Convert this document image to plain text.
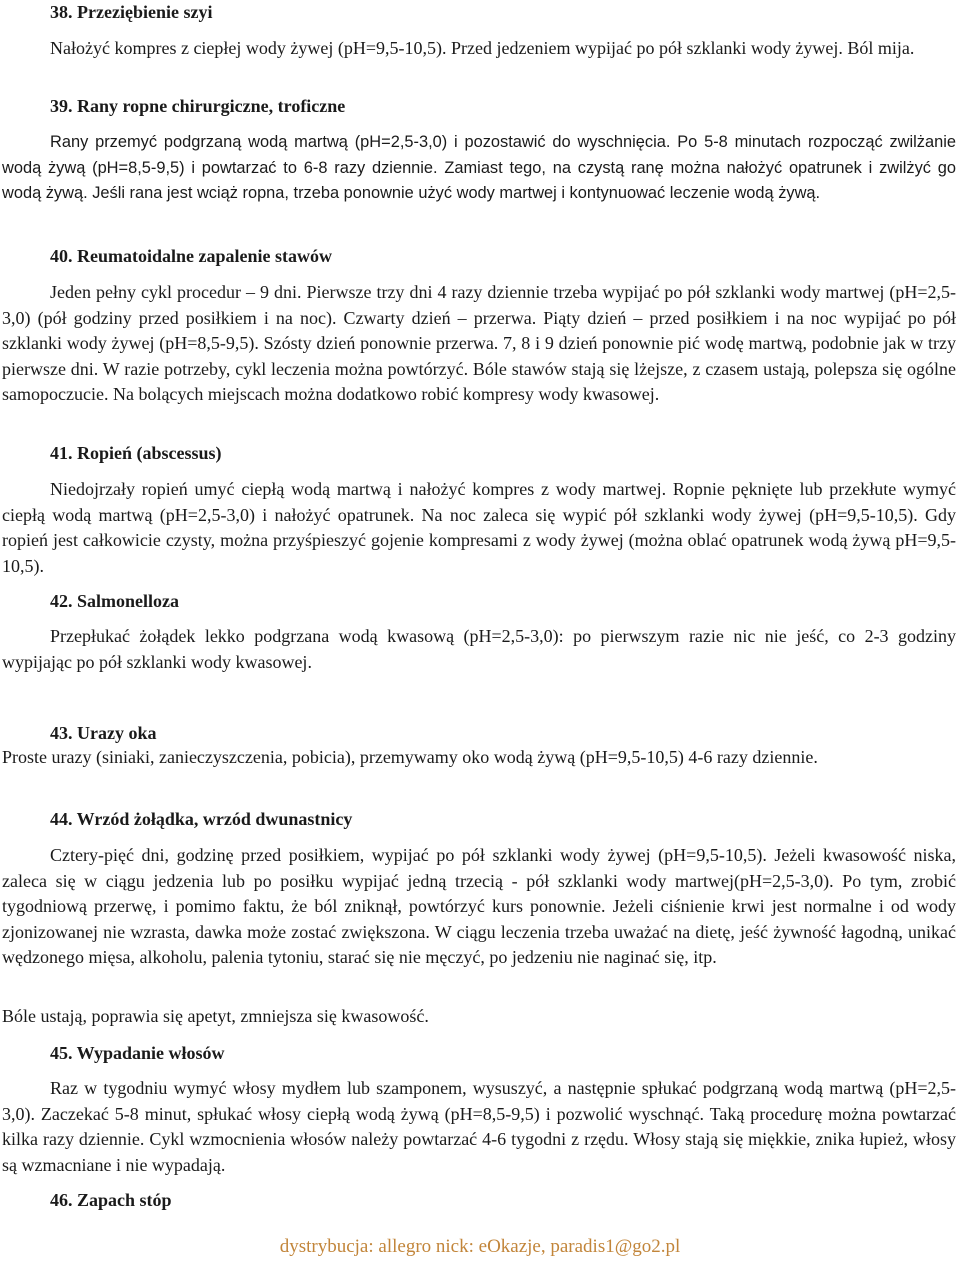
38. Przeziębienie szyi
Nałożyć kompres z ciepłej wody żywej (pH=9,5-10,5). Przed jedzeniem wypijać po pół szklanki wody żywej. Ból mija.
39. Rany ropne chirurgiczne, troficzne
Rany przemyć podgrzaną wodą martwą (pH=2,5-3,0) i pozostawić do wyschnięcia. Po 5-8 minutach rozpocząć zwilżanie wodą żywą (pH=8,5-9,5) i powtarzać to 6-8 razy dziennie. Zamiast tego, na czystą ranę można nałożyć opatrunek i zwilżyć go wodą żywą. Jeśli rana jest wciąż ropna, trzeba ponownie użyć wody martwej i kontynuować leczenie wodą żywą.
40. Reumatoidalne zapalenie stawów
Jeden pełny cykl procedur – 9 dni. Pierwsze trzy dni 4 razy dziennie trzeba wypijać po pół szklanki wody martwej (pH=2,5-3,0) (pół godziny przed posiłkiem i na noc). Czwarty dzień – przerwa. Piąty dzień – przed posiłkiem i na noc wypijać po pół szklanki wody żywej (pH=8,5-9,5). Szósty dzień ponownie przerwa. 7, 8 i 9 dzień ponownie pić wodę martwą, podobnie jak w trzy pierwsze dni. W razie potrzeby, cykl leczenia można powtórzyć. Bóle stawów stają się lżejsze, z czasem ustają, polepsza się ogólne samopoczucie. Na bolących miejscach można dodatkowo robić kompresy wody kwasowej.
41. Ropień (abscessus)
Niedojrzały ropień umyć ciepłą wodą martwą i nałożyć kompres z wody martwej. Ropnie pęknięte lub przekłute wymyć ciepłą wodą martwą (pH=2,5-3,0) i nałożyć opatrunek. Na noc zaleca się wypić pół szklanki wody żywej (pH=9,5-10,5). Gdy ropień jest całkowicie czysty, można przyśpieszyć gojenie kompresami z wody żywej (można oblać opatrunek wodą żywą pH=9,5-10,5).
42. Salmonelloza
Przepłukać żołądek lekko podgrzana wodą kwasową (pH=2,5-3,0): po pierwszym razie nic nie jeść, co 2-3 godziny wypijając po pół szklanki wody kwasowej.
43. Urazy oka
Proste urazy (siniaki, zanieczyszczenia, pobicia), przemywamy oko wodą żywą (pH=9,5-10,5) 4-6 razy dziennie.
44. Wrzód żołądka, wrzód dwunastnicy
Cztery-pięć dni, godzinę przed posiłkiem, wypijać po pół szklanki wody żywej (pH=9,5-10,5). Jeżeli kwasowość niska, zaleca się w ciągu jedzenia lub po posiłku wypijać jedną trzecią - pół szklanki wody martwej(pH=2,5-3,0). Po tym, zrobić tygodniową przerwę, i pomimo faktu, że ból zniknął, powtórzyć kurs ponownie. Jeżeli ciśnienie krwi jest normalne i od wody zjonizowanej nie wzrasta, dawka może zostać zwiększona. W ciągu leczenia trzeba uważać na dietę, jeść żywność łagodną, unikać wędzonego mięsa, alkoholu, palenia tytoniu, starać się nie męczyć, po jedzeniu nie naginać się, itp.
Bóle ustają, poprawia się apetyt, zmniejsza się kwasowość.
45. Wypadanie włosów
Raz w tygodniu wymyć włosy mydłem lub szamponem, wysuszyć, a następnie spłukać podgrzaną wodą martwą (pH=2,5-3,0). Zaczekać 5-8 minut, spłukać włosy ciepłą wodą żywą (pH=8,5-9,5) i pozwolić wyschnąć. Taką procedurę można powtarzać kilka razy dziennie. Cykl wzmocnienia włosów należy powtarzać 4-6 tygodni z rzędu. Włosy stają się miękkie, znika łupież, włosy są wzmacniane i nie wypadają.
46. Zapach stóp
dystrybucja: allegro nick: eOkazje, paradis1@go2.pl
